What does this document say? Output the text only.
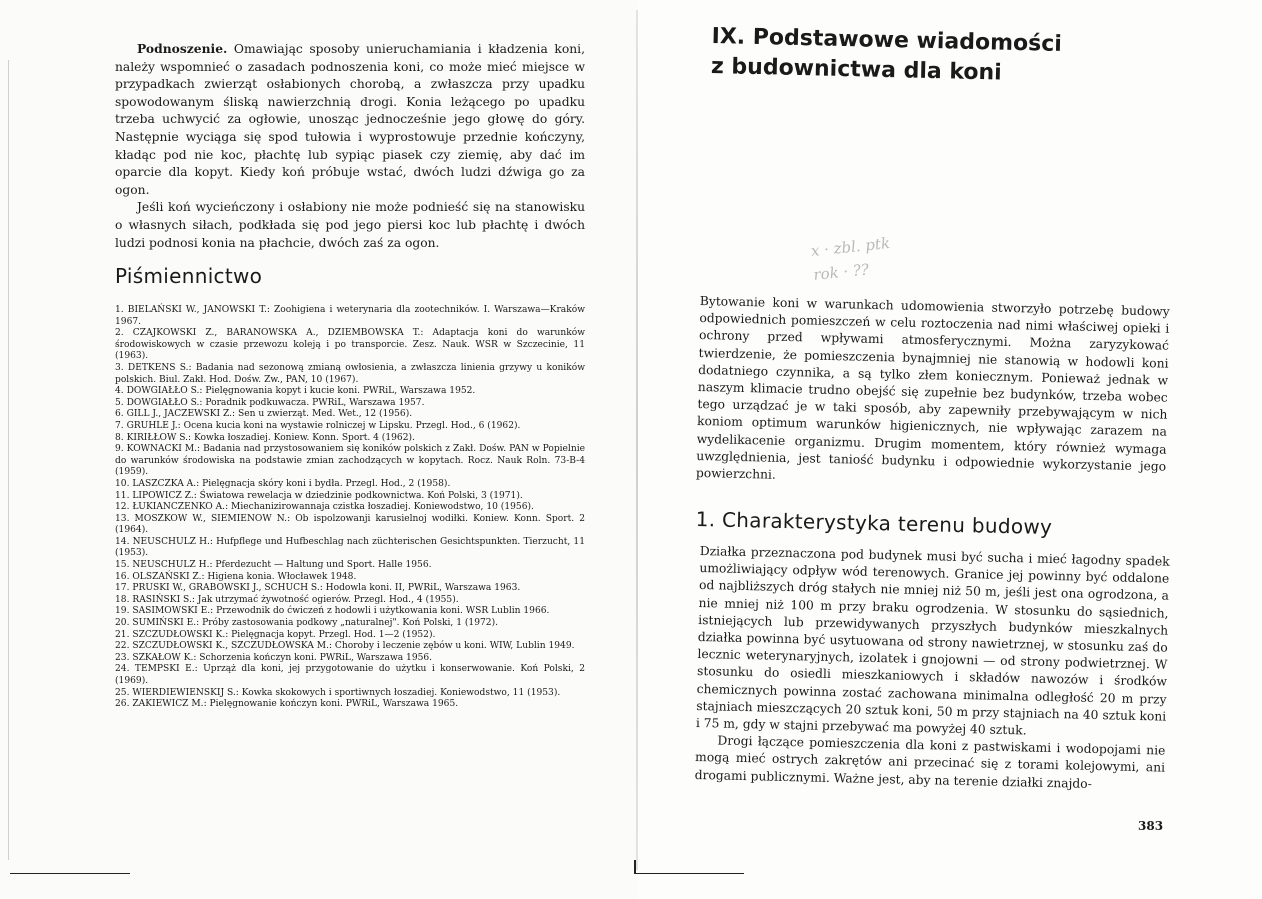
Podnoszenie. Omawiając sposoby unieruchamiania i kładzenia koni, należy wspomnieć o zasadach podnoszenia koni, co może mieć miejsce w przypadkach zwierząt osłabionych chorobą, a zwłaszcza przy upadku spowodowanym śliską nawierzchnią drogi. Konia leżącego po upadku trzeba uchwycić za ogłowie, unosząc jednocześnie jego głowę do góry. Następnie wyciąga się spod tułowia i wyprostowuje przednie kończyny, kładąc pod nie koc, płachtę lub sypiąc piasek czy ziemię, aby dać im oparcie dla kopyt. Kiedy koń próbuje wstać, dwóch ludzi dźwiga go za ogon.

Jeśli koń wycieńczony i osłabiony nie może podnieść się na stanowisku o własnych siłach, podkłada się pod jego piersi koc lub płachtę i dwóch ludzi podnosi konia na płachcie, dwóch zaś za ogon.

Piśmiennictwo
1. BIELAŃSKI W., JANOWSKI T.: Zoohigiena i weterynaria dla zootechników. I. Warszawa—Kraków 1967.
2. CZAJKOWSKI Z., BARANOWSKA A., DZIEMBOWSKA T.: Adaptacja koni do warunków środowiskowych w czasie przewozu koleją i po transporcie. Zesz. Nauk. WSR w Szczecinie, 11 (1963).
3. DETKENS S.: Badania nad sezonową zmianą owłosienia, a zwłaszcza linienia grzywy u koników polskich. Biul. Zakł. Hod. Dośw. Zw., PAN, 10 (1967).
4. DOWGIAŁŁO S.: Pielęgnowania kopyt i kucie koni. PWRiL, Warszawa 1952.
5. DOWGIAŁŁO S.: Poradnik podkuwacza. PWRiL, Warszawa 1957.
6. GILL J., JACZEWSKI Z.: Sen u zwierząt. Med. Wet., 12 (1956).
7. GRUHLE J.: Ocena kucia koni na wystawie rolniczej w Lipsku. Przegl. Hod., 6 (1962).
8. KIRIŁŁOW S.: Kowka łoszadiej. Koniew. Konn. Sport. 4 (1962).
9. KOWNACKI M.: Badania nad przystosowaniem się koników polskich z Zakł. Dośw. PAN w Popielnie do warunków środowiska na podstawie zmian zachodzących w kopytach. Rocz. Nauk Roln. 73-B-4 (1959).
10. LASZCZKA A.: Pielęgnacja skóry koni i bydła. Przegl. Hod., 2 (1958).
11. LIPOWICZ Z.: Światowa rewelacja w dziedzinie podkownictwa. Koń Polski, 3 (1971).
12. ŁUKIANCZENKO A.: Miechanizirowannaja czistka łoszadiej. Koniewodstwo, 10 (1956).
13. MOSZKOW W., SIEMIENOW N.: Ob ispolzowanji karusielnoj wodiłki. Koniew. Konn. Sport. 2 (1964).
14. NEUSCHULZ H.: Hufpflege und Hufbeschlag nach züchterischen Gesichtspunkten. Tierzucht, 11 (1953).
15. NEUSCHULZ H.: Pferdezucht — Haltung und Sport. Halle 1956.
16. OLSZAŃSKI Z.: Higiena konia. Włocławek 1948.
17. PRUSKI W., GRABOWSKI J., SCHUCH S.: Hodowla koni. II, PWRiL, Warszawa 1963.
18. RASIŃSKI S.: Jak utrzymać żywotność ogierów. Przegl. Hod., 4 (1955).
19. SASIMOWSKI E.: Przewodnik do ćwiczeń z hodowli i użytkowania koni. WSR Lublin 1966.
20. SUMIŃSKI E.: Próby zastosowania podkowy „naturalnej". Koń Polski, 1 (1972).
21. SZCZUDŁOWSKI K.: Pielęgnacja kopyt. Przegl. Hod. 1—2 (1952).
22. SZCZUDŁOWSKI K., SZCZUDŁOWSKA M.: Choroby i leczenie zębów u koni. WIW, Lublin 1949.
23. SZKAŁOW K.: Schorzenia kończyn koni. PWRiL, Warszawa 1956.
24. TEMPSKI E.: Uprząż dla koni, jej przygotowanie do użytku i konserwowanie. Koń Polski, 2 (1969).
25. WIERDIEWIENSKIJ S.: Kowka skokowych i sportiwnych łoszadiej. Koniewodstwo, 11 (1953).
26. ZAKIEWICZ M.: Pielęgnowanie kończyn koni. PWRiL, Warszawa 1965.
IX. Podstawowe wiadomości
z budownictwa dla koni
x · zbl. ptk
rok · ??
Bytowanie koni w warunkach udomowienia stworzyło potrzebę budowy odpowiednich pomieszczeń w celu roztoczenia nad nimi właściwej opieki i ochrony przed wpływami atmosferycznymi. Można zaryzykować twierdzenie, że pomieszczenia bynajmniej nie stanowią w hodowli koni dodatniego czynnika, a są tylko złem koniecznym. Ponieważ jednak w naszym klimacie trudno obejść się zupełnie bez budynków, trzeba wobec tego urządzać je w taki sposób, aby zapewniły przebywającym w nich koniom optimum warunków higienicznych, nie wpływając zarazem na wydelikacenie organizmu. Drugim momentem, który również wymaga uwzględnienia, jest taniość budynku i odpowiednie wykorzystanie jego powierzchni.
1. Charakterystyka terenu budowy

Działka przeznaczona pod budynek musi być sucha i mieć łagodny spadek umożliwiający odpływ wód terenowych. Granice jej powinny być oddalone od najbliższych dróg stałych nie mniej niż 50 m, jeśli jest ona ogrodzona, a nie mniej niż 100 m przy braku ogrodzenia. W stosunku do sąsiednich, istniejących lub przewidywanych przyszłych budynków mieszkalnych działka powinna być usytuowana od strony nawietrznej, w stosunku zaś do lecznic weterynaryjnych, izolatek i gnojowni — od strony podwietrznej. W stosunku do osiedli mieszkaniowych i składów nawozów i środków chemicznych powinna zostać zachowana minimalna odległość 20 m przy stajniach mieszczących 20 sztuk koni, 50 m przy stajniach na 40 sztuk koni i 75 m, gdy w stajni przebywać ma powyżej 40 sztuk.

Drogi łączące pomieszczenia dla koni z pastwiskami i wodopojami nie mogą mieć ostrych zakrętów ani przecinać się z torami kolejowymi, ani drogami publicznymi. Ważne jest, aby na terenie działki znajdo-

383
